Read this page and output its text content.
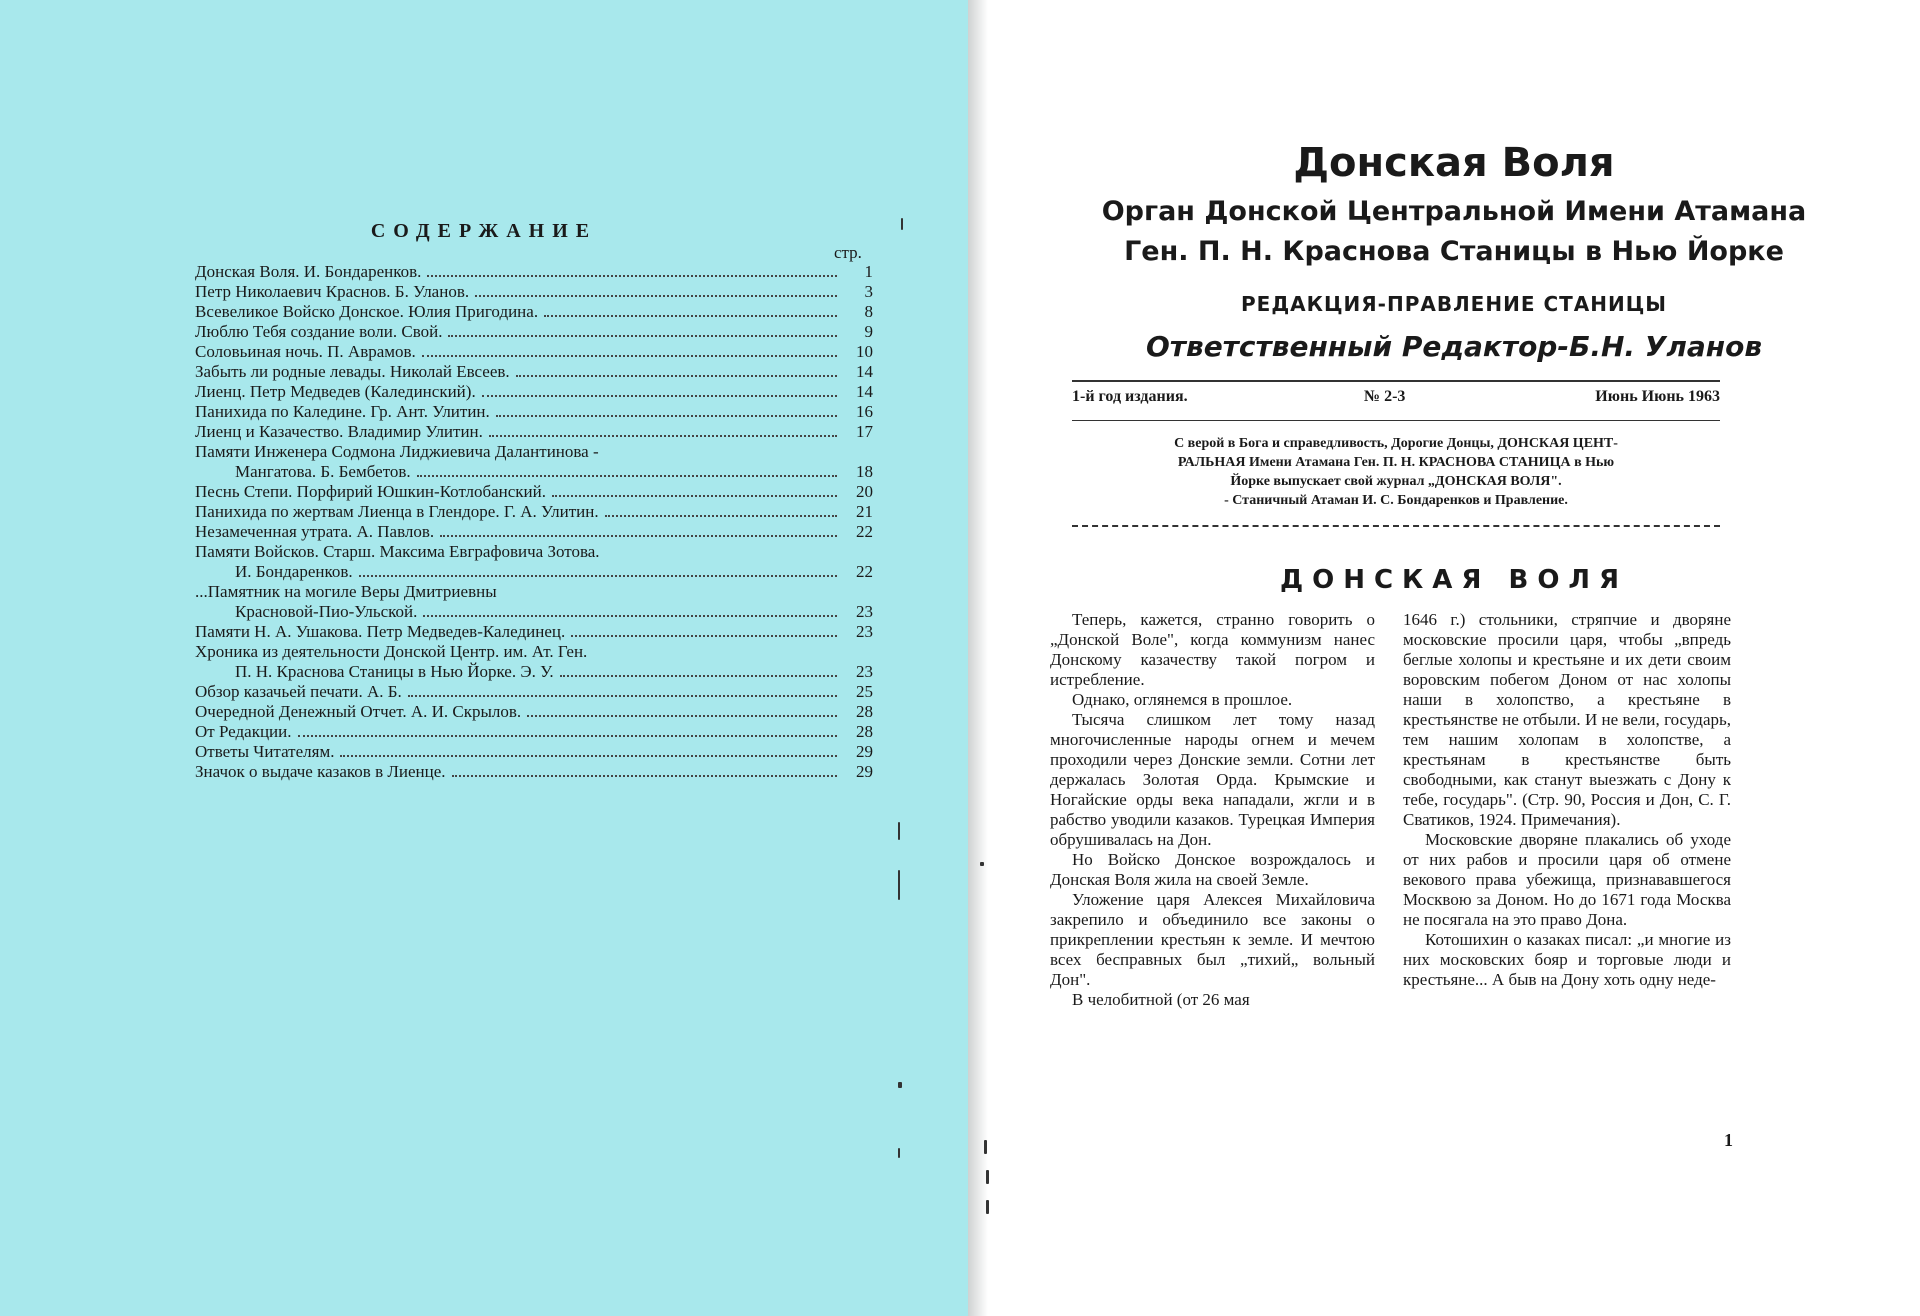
СОДЕРЖАНИЕ
стр.
Донская Воля. И. Бондаренков.	1
Петр Николаевич Краснов. Б. Уланов.	3
Всевеликое Войско Донское. Юлия Пригодина.	8
Люблю Тебя создание воли. Свой.	9
Соловьиная ночь. П. Аврамов.	10
Забыть ли родные левады. Николай Евсеев.	14
Лиенц. Петр Медведев (Калединский).	14
Панихида по Каледине. Гр. Ант. Улитин.	16
Лиенц и Казачество. Владимир Улитин.	17
Памяти Инженера Содмона Лиджиевича Далантинова -
Мангатова. Б. Бембетов.	18
Песнь Степи. Порфирий Юшкин-Котлобанский.	20
Панихида по жертвам Лиенца в Глендоре. Г. А. Улитин.	21
Незамеченная утрата. А. Павлов.	22
Памяти Войсков. Старш. Максима Евграфовича Зотова.
И. Бондаренков.	22
...Памятник на могиле Веры Дмитриевны
Красновой-Пио-Ульской.	23
Памяти Н. А. Ушакова. Петр Медведев-Калединец.	23
Хроника из деятельности Донской Центр. им. Ат. Ген.
П. Н. Краснова Станицы в Нью Йорке. Э. У.	23
Обзор казачьей печати. А. Б.	25
Очередной Денежный Отчет. А. И. Скрылов.	28
От Редакции.	28
Ответы Читателям.	29
Значок о выдаче казаков в Лиенце.	29
Донская Воля
Орган Донской Центральной Имени Атамана
Ген. П. Н. Краснова Станицы в Нью Йорке
РЕДАКЦИЯ-ПРАВЛЕНИЕ СТАНИЦЫ
Ответственный Редактор-Б.Н. Уланов
1-й год издания.	№ 2-3	Июнь Июнь 1963
С верой в Бога и справедливость, Дорогие Донцы, ДОНСКАЯ ЦЕНТ-
РАЛЬНАЯ Имени Атамана Ген. П. Н. КРАСНОВА СТАНИЦА в Нью
Йорке выпускает свой журнал „ДОНСКАЯ ВОЛЯ".
- Станичный Атаман И. С. Бондаренков и Правление.
ДОНСКАЯ ВОЛЯ

Теперь, кажется, странно говорить о „Донской Воле", когда коммунизм нанес Донскому казачеству такой погром и истребление.

Однако, оглянемся в прошлое.

Тысяча слишком лет тому назад многочисленные народы огнем и мечем проходили через Донские земли. Сотни лет держалась Золотая Орда. Крымские и Ногайские орды века нападали, жгли и в рабство уводили казаков. Турецкая Империя обрушивалась на Дон.

Но Войско Донское возрождалось и Донская Воля жила на своей Земле.

Уложение царя Алексея Михайловича закрепило и объединило все законы о прикреплении крестьян к земле. И мечтою всех бесправных был „тихий„ вольный Дон".

В челобитной (от 26 мая

1646 г.) стольники, стряпчие и дворяне московские просили царя, чтобы „впредь беглые холопы и крестьяне и их дети своим воровским побегом Доном от нас холопы наши в холопство, а крестьяне в крестьянстве не отбыли. И не вели, государь, тем нашим холопам в холопстве, а крестьянам в крестьянстве быть свободными, как станут выезжать с Дону к тебе, государь". (Стр. 90, Россия и Дон, С. Г. Сватиков, 1924. Примечания).

Московские дворяне плакались об уходе от них рабов и просили царя об отмене векового права убежища, признававшегося Москвою за Доном. Но до 1671 года Москва не посягала на это право Дона.

Котошихин о казаках писал: „и многие из них московских бояр и торговые люди и крестьяне... А быв на Дону хоть одну неде-

1
